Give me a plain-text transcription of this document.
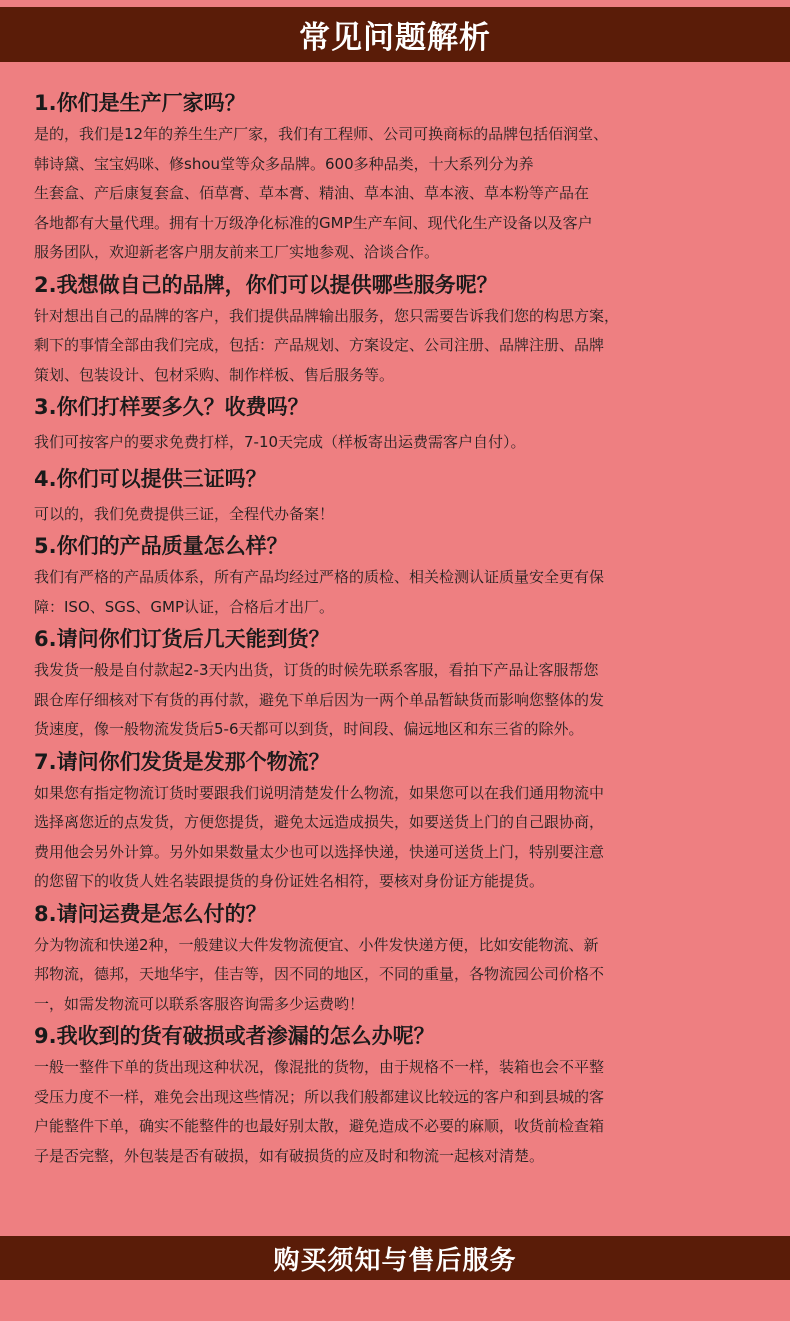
常见问题解析

1.你们是生产厂家吗？

是的，我们是12年的养生生产厂家，我们有工程师、公司可换商标的品牌包括佰润堂、
韩诗黛、宝宝妈咪、修shou堂等众多品牌。600多种品类，十大系列分为养
生套盒、产后康复套盒、佰草膏、草本膏、精油、草本油、草本液、草本粉等产品在
各地都有大量代理。拥有十万级净化标准的GMP生产车间、现代化生产设备以及客户
服务团队，欢迎新老客户朋友前来工厂实地参观、洽谈合作。

2.我想做自己的品牌，你们可以提供哪些服务呢？

针对想出自己的品牌的客户，我们提供品牌输出服务，您只需要告诉我们您的构思方案，
剩下的事情全部由我们完成，包括：产品规划、方案设定、公司注册、品牌注册、品牌
策划、包装设计、包材采购、制作样板、售后服务等。

3.你们打样要多久？收费吗？

我们可按客户的要求免费打样，7-10天完成（样板寄出运费需客户自付）。

4.你们可以提供三证吗？

可以的，我们免费提供三证，全程代办备案！

5.你们的产品质量怎么样？

我们有严格的产品质体系，所有产品均经过严格的质检、相关检测认证质量安全更有保
障：ISO、SGS、GMP认证，合格后才出厂。

6.请问你们订货后几天能到货？

我发货一般是自付款起2-3天内出货，订货的时候先联系客服，看拍下产品让客服帮您
跟仓库仔细核对下有货的再付款，避免下单后因为一两个单品暂缺货而影响您整体的发
货速度，像一般物流发货后5-6天都可以到货，时间段、偏远地区和东三省的除外。

7.请问你们发货是发那个物流？

如果您有指定物流订货时要跟我们说明清楚发什么物流，如果您可以在我们通用物流中
选择离您近的点发货，方便您提货，避免太远造成损失，如要送货上门的自己跟协商，
费用他会另外计算。另外如果数量太少也可以选择快递，快递可送货上门，特别要注意
的您留下的收货人姓名装跟提货的身份证姓名相符，要核对身份证方能提货。

8.请问运费是怎么付的？

分为物流和快递2种，一般建议大件发物流便宜、小件发快递方便，比如安能物流、新
邦物流，德邦，天地华宇，佳吉等，因不同的地区，不同的重量，各物流园公司价格不
一，如需发物流可以联系客服咨询需多少运费哟！

9.我收到的货有破损或者渗漏的怎么办呢？

一般一整件下单的货出现这种状况，像混批的货物，由于规格不一样，装箱也会不平整
受压力度不一样，难免会出现这些情况；所以我们般都建议比较远的客户和到县城的客
户能整件下单，确实不能整件的也最好别太散，避免造成不必要的麻顺，收货前检查箱
子是否完整，外包装是否有破损，如有破损货的应及时和物流一起核对清楚。
购买须知与售后服务
